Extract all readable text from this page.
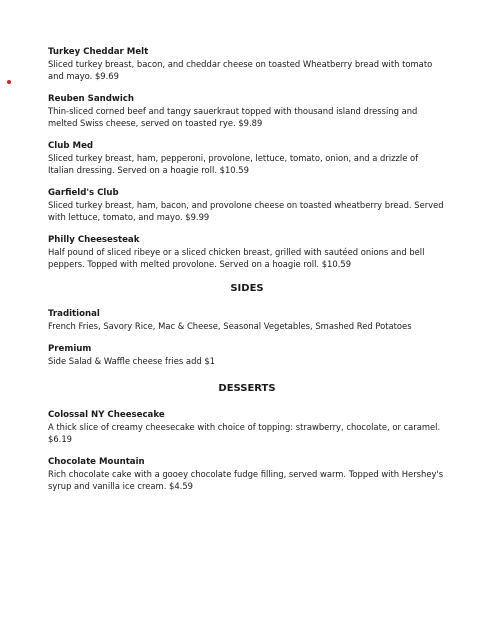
Turkey Cheddar Melt

Sliced turkey breast, bacon, and cheddar cheese on toasted Wheatberry bread with tomato and mayo. $9.69

Reuben Sandwich

Thin-sliced corned beef and tangy sauerkraut topped with thousand island dressing and melted Swiss cheese, served on toasted rye. $9.89

Club Med

Sliced turkey breast, ham, pepperoni, provolone, lettuce, tomato, onion, and a drizzle of Italian dressing. Served on a hoagie roll. $10.59

Garfield's Club

Sliced turkey breast, ham, bacon, and provolone cheese on toasted wheatberry bread. Served with lettuce, tomato, and mayo. $9.99

Philly Cheesesteak

Half pound of sliced ribeye or a sliced chicken breast, grilled with sautéed onions and bell peppers. Topped with melted provolone. Served on a hoagie roll. $10.59

SIDES

Traditional

French Fries, Savory Rice, Mac & Cheese, Seasonal Vegetables, Smashed Red Potatoes

Premium

Side Salad & Waffle cheese fries add $1

DESSERTS

Colossal NY Cheesecake

A thick slice of creamy cheesecake with choice of topping: strawberry, chocolate, or caramel. $6.19

Chocolate Mountain

Rich chocolate cake with a gooey chocolate fudge filling, served warm. Topped with Hershey's syrup and vanilla ice cream. $4.59
